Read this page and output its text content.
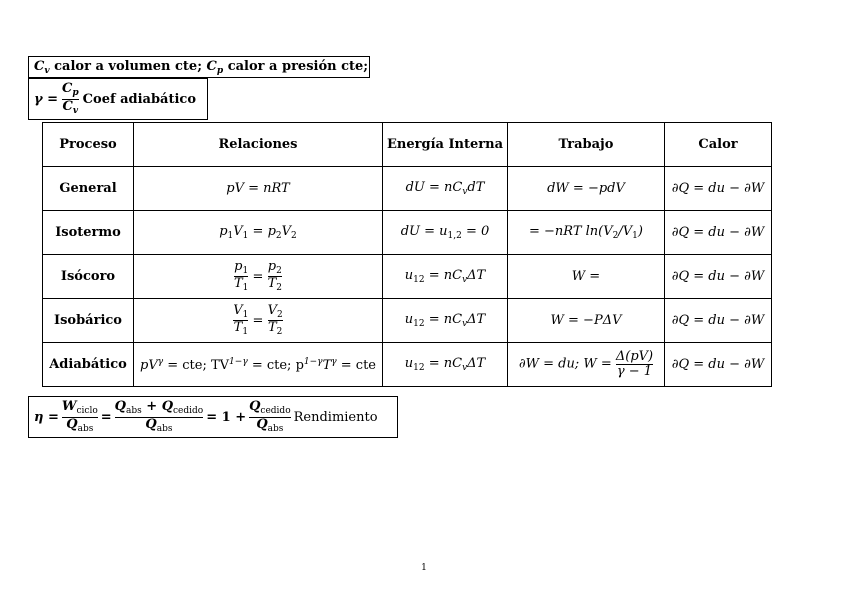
$C_v$ calor a volumen cte; $C_p$ calor a presión cte;
$\gamma = \frac{C_p}{C_v}$ Coef adiabático
Proceso	Relaciones	Energía Interna	Trabajo	Calor
General	pV = nRT	dU = $nC_vdT$	dW = −pdV	∂Q = du − ∂W
Isotermo	$p_1V_1 = p_2V_2$	dU = $u_{1,2} = 0$	= −nRT $\ln(V_2/V_1)$	∂Q = du − ∂W
Isócoro	$\frac{p_1}{T_1} = \frac{p_2}{T_2}$	$u_{12} = nC_v\Delta T$	W =	∂Q = du − ∂W
Isobárico	$\frac{V_1}{T_1} = \frac{V_2}{T_2}$	$u_{12} = nC_v\Delta T$	W = −PΔV	∂Q = du − ∂W
Adiabático	$pV^\gamma$ = cte; $TV^{1-\gamma}$ = cte; $p^{1-\gamma}T^\gamma$ = cte	$u_{12} = nC_v\Delta T$	∂W = du; $W = \frac{\Delta(pV)}{\gamma - 1}$	∂Q = du − ∂W
$\eta = \frac{W_{ciclo}}{Q_{abs}} = \frac{Q_{abs} + Q_{cedido}}{Q_{abs}} = 1 + \frac{Q_{cedido}}{Q_{abs}}$ Rendimiento
1
